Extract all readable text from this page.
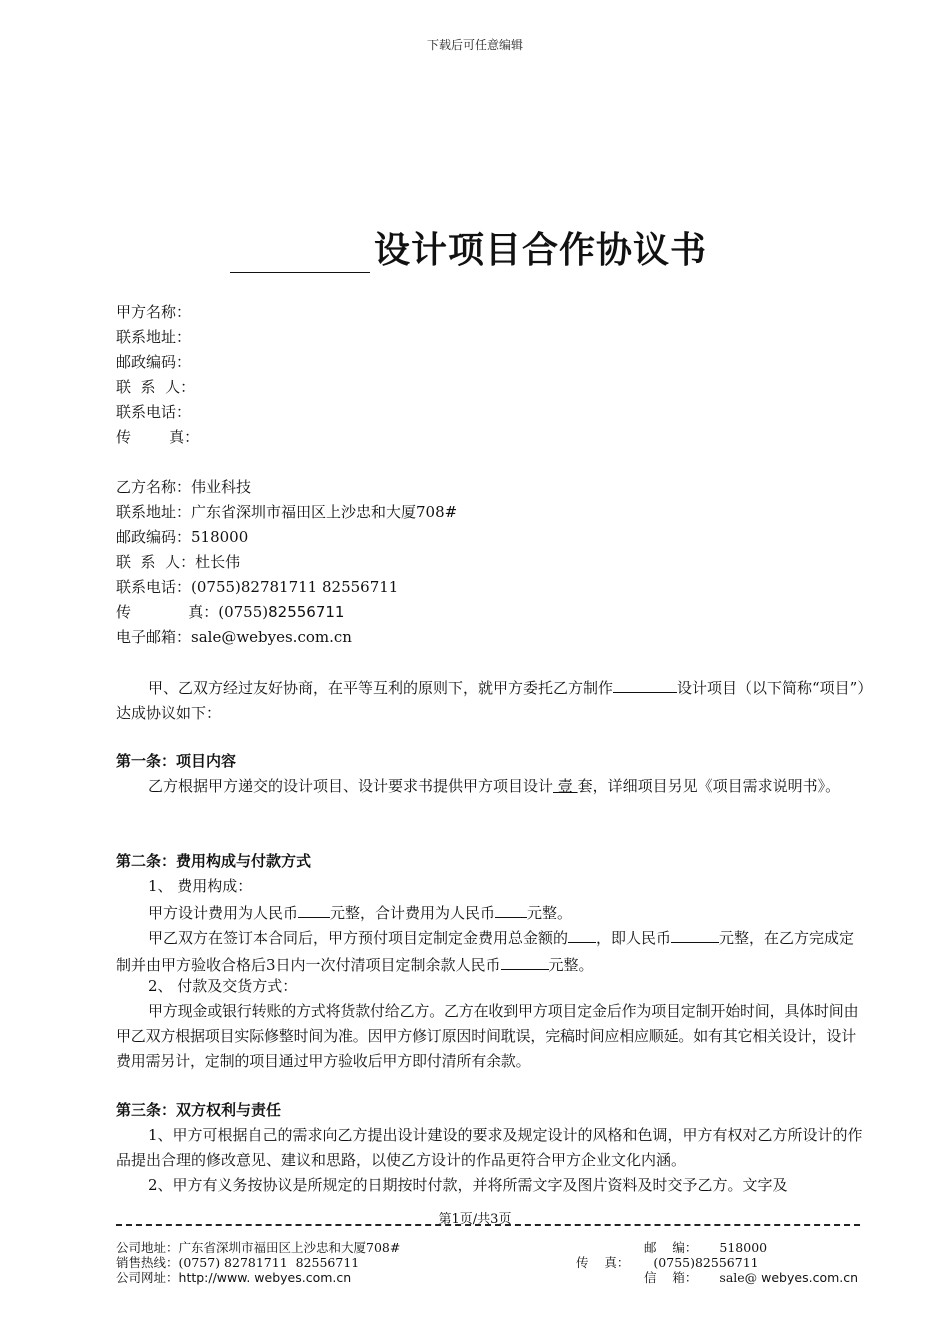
下载后可任意编辑
设计项目合作协议书
甲方名称：
联系地址：
邮政编码：
联  系  人：
联系电话：
传        真：
乙方名称：伟业科技
联系地址：广东省深圳市福田区上沙忠和大厦708#
邮政编码：518000
联  系  人：杜长伟
联系电话：(0755)82781711 82556711
传            真：(0755)82556711
电子邮箱：sale@webyes.com.cn
甲、乙双方经过友好协商，在平等互利的原则下，就甲方委托乙方制作	设计项目（以下简称“项目”）达成协议如下：
第一条：项目内容
乙方根据甲方递交的设计项目、设计要求书提供甲方项目设计 壹 套，详细项目另见《项目需求说明书》。
第二条：费用构成与付款方式
1、 费用构成：
甲方设计费用为人民币 元整，合计费用为人民币 元整。
甲乙双方在签订本合同后，甲方预付项目定制定金费用总金额的 ，即人民币	元整，在乙方完成定制并由甲方验收合格后3日内一次付清项目定制余款人民币	元整。
2、 付款及交货方式：
甲方现金或银行转账的方式将货款付给乙方。乙方在收到甲方项目定金后作为项目定制开始时间，具体时间由甲乙双方根据项目实际修整时间为准。因甲方修订原因时间耽误，完稿时间应相应顺延。如有其它相关设计，设计费用需另计，定制的项目通过甲方验收后甲方即付清所有余款。
第三条：双方权利与责任
1、甲方可根据自己的需求向乙方提出设计建设的要求及规定设计的风格和色调，甲方有权对乙方所设计的作品提出合理的修改意见、建议和思路，以使乙方设计的作品更符合甲方企业文化内涵。
2、甲方有义务按协议是所规定的日期按时付款，并将所需文字及图片资料及时交予乙方。文字及
第1页/共3页
公司地址：广东省深圳市福田区上沙忠和大厦708#
销售热线：(0757) 82781711  82556711
公司网址：http://www. webyes.com.cn
邮    编： 518000
传    真： (0755)82556711
信    箱： sale@ webyes.com.cn
